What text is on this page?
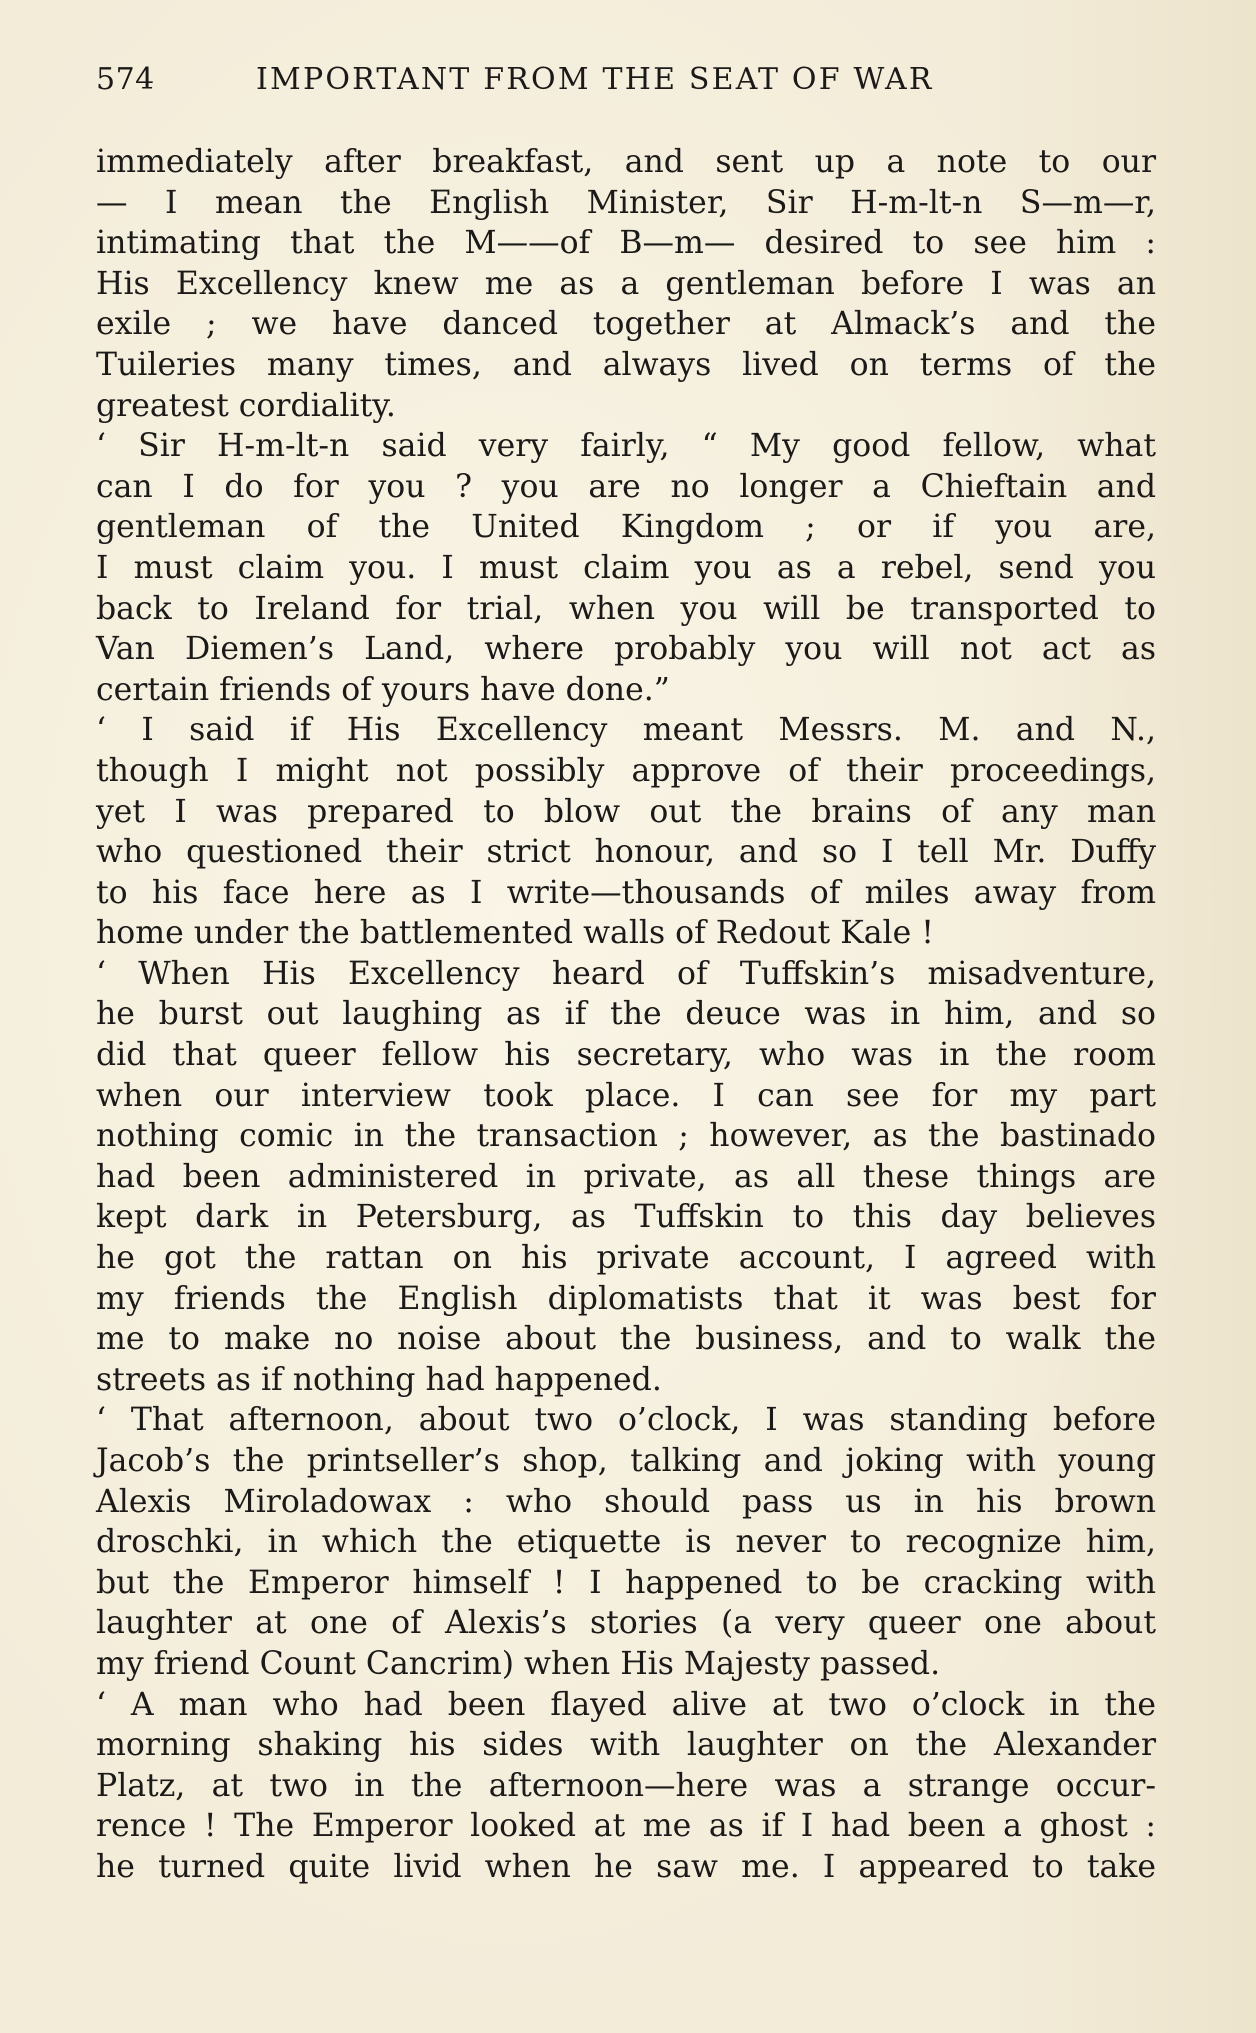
574	IMPORTANT FROM THE SEAT OF WAR
immediately after breakfast, and sent up a note to our
— I mean the English Minister, Sir H-m-lt-n S—m—r,
intimating that the M——of B—m— desired to see him :
His Excellency knew me as a gentleman before I was an
exile ; we have danced together at Almack’s and the
Tuileries many times, and always lived on terms of the
greatest cordiality.
‘ Sir H-m-lt-n said very fairly, “ My good fellow, what
can I do for you ? you are no longer a Chieftain and
gentleman of the United Kingdom ; or if you are,
I must claim you. I must claim you as a rebel, send you
back to Ireland for trial, when you will be transported to
Van Diemen’s Land, where probably you will not act as
certain friends of yours have done.”
‘ I said if His Excellency meant Messrs. M. and N.,
though I might not possibly approve of their proceedings,
yet I was prepared to blow out the brains of any man
who questioned their strict honour, and so I tell Mr. Duffy
to his face here as I write—thousands of miles away from
home under the battlemented walls of Redout Kale !
‘ When His Excellency heard of Tuffskin’s misadventure,
he burst out laughing as if the deuce was in him, and so
did that queer fellow his secretary, who was in the room
when our interview took place. I can see for my part
nothing comic in the transaction ; however, as the bastinado
had been administered in private, as all these things are
kept dark in Petersburg, as Tuffskin to this day believes
he got the rattan on his private account, I agreed with
my friends the English diplomatists that it was best for
me to make no noise about the business, and to walk the
streets as if nothing had happened.
‘ That afternoon, about two o’clock, I was standing before
Jacob’s the printseller’s shop, talking and joking with young
Alexis Miroladowax : who should pass us in his brown
droschki, in which the etiquette is never to recognize him,
but the Emperor himself ! I happened to be cracking with
laughter at one of Alexis’s stories (a very queer one about
my friend Count Cancrim) when His Majesty passed.
‘ A man who had been flayed alive at two o’clock in the
morning shaking his sides with laughter on the Alexander
Platz, at two in the afternoon—here was a strange occur-
rence ! The Emperor looked at me as if I had been a ghost :
he turned quite livid when he saw me. I appeared to take
